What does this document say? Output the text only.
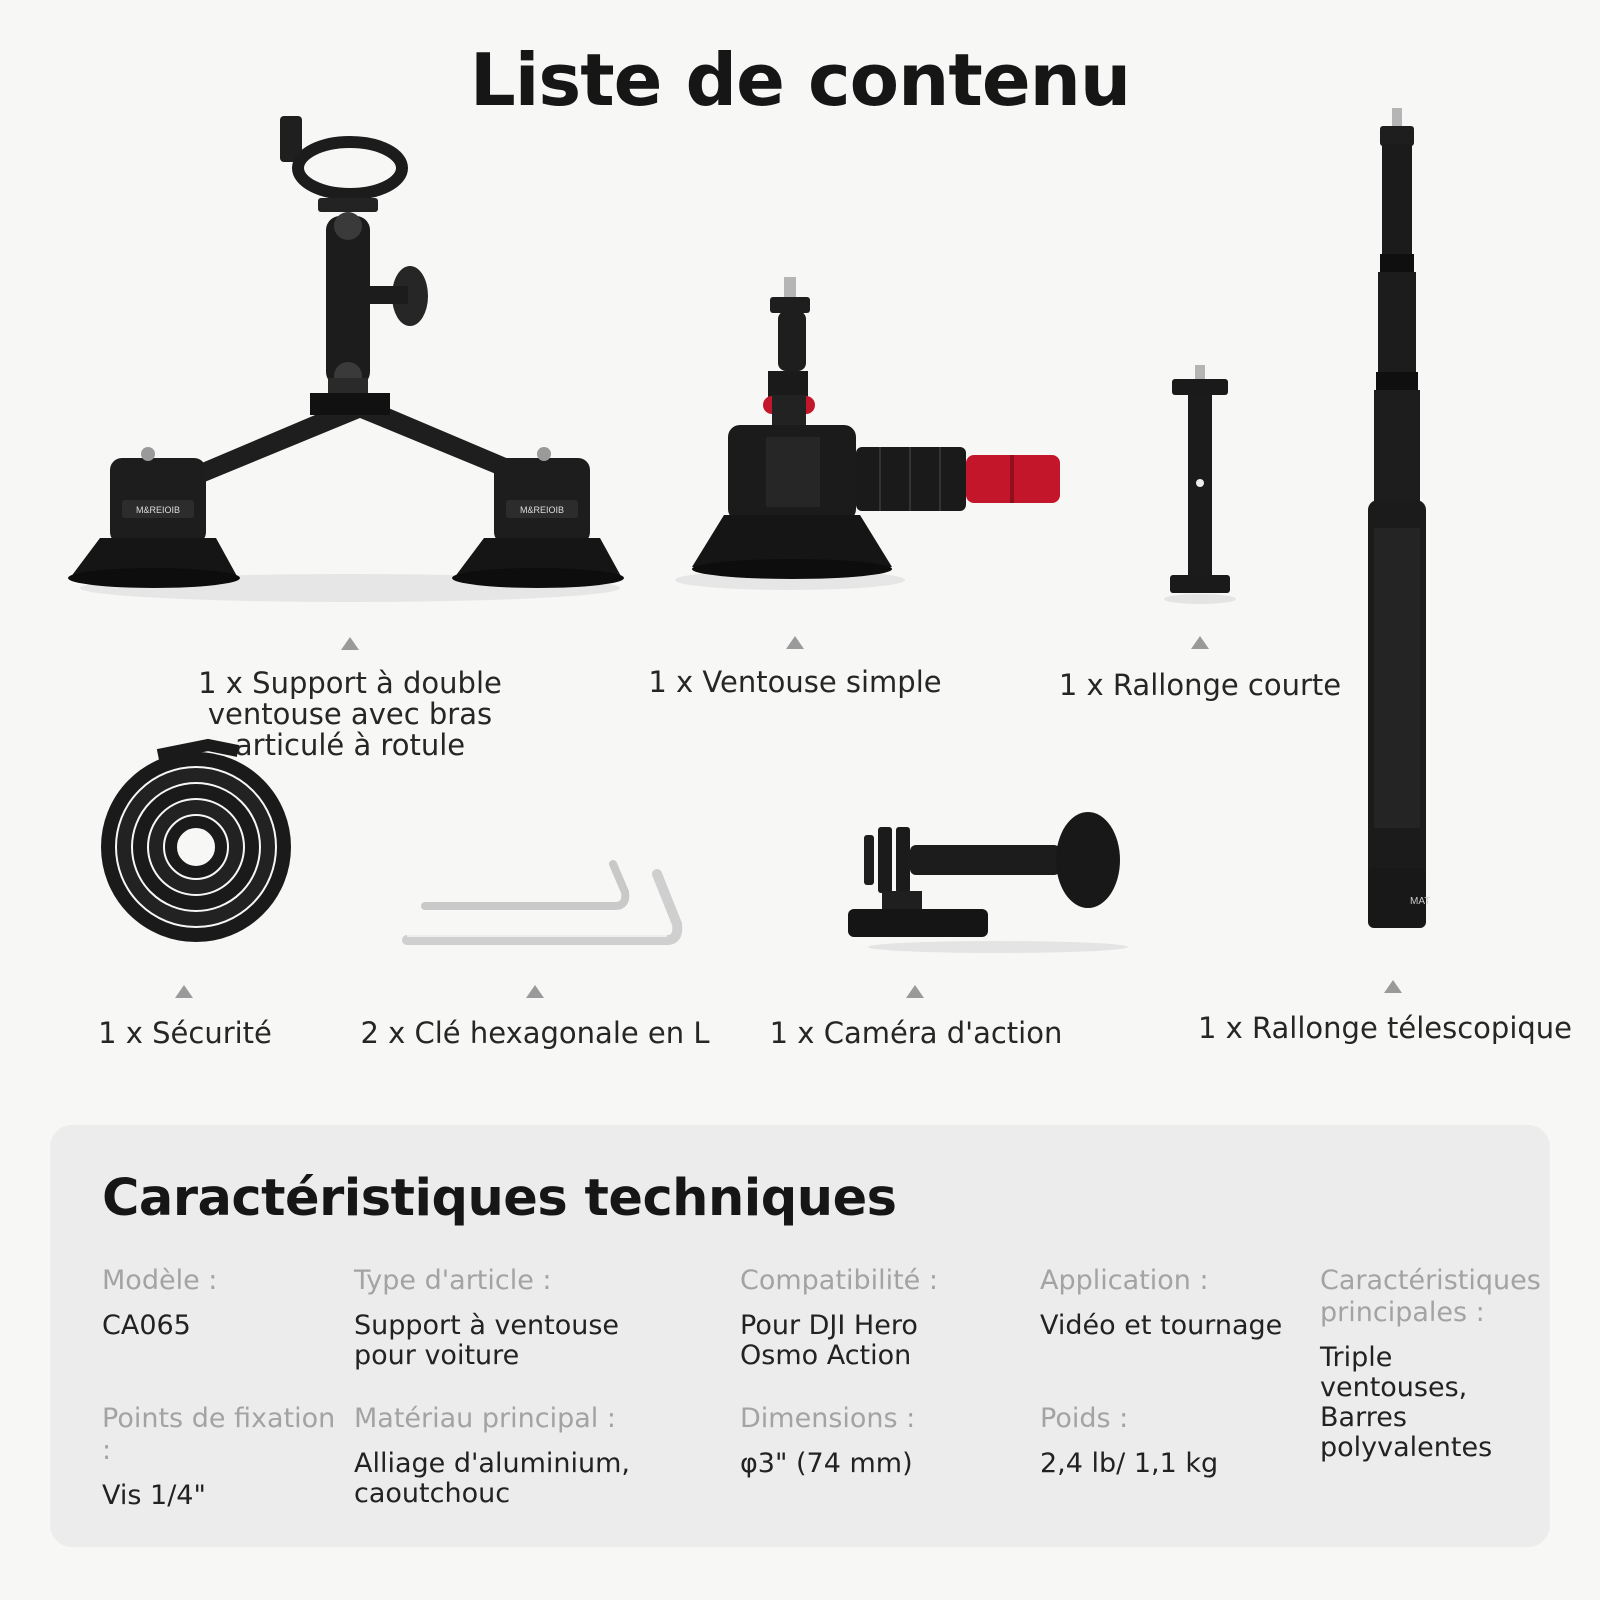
Liste de contenu
M&REIOIB	M&REIOIB
1 x Support à double
ventouse avec bras
articulé à rotule
1 x Ventouse simple	1 x Rallonge courte
MAT
1 x Rallonge télescopique
1 x Sécurité	2 x Clé hexagonale en L	1 x Caméra d'action
Caractéristiques techniques
Modèle :
CA065
Type d'article :
Support à ventouse
pour voiture
Compatibilité :
Pour DJI Hero
Osmo Action
Application :
Vidéo et tournage
Caractéristiques
principales :
Triple ventouses,
Barres
polyvalentes
Points de fixation :
Vis 1/4"
Matériau principal :
Alliage d'aluminium,
caoutchouc
Dimensions :
φ3" (74 mm)
Poids :
2,4 lb/ 1,1 kg
